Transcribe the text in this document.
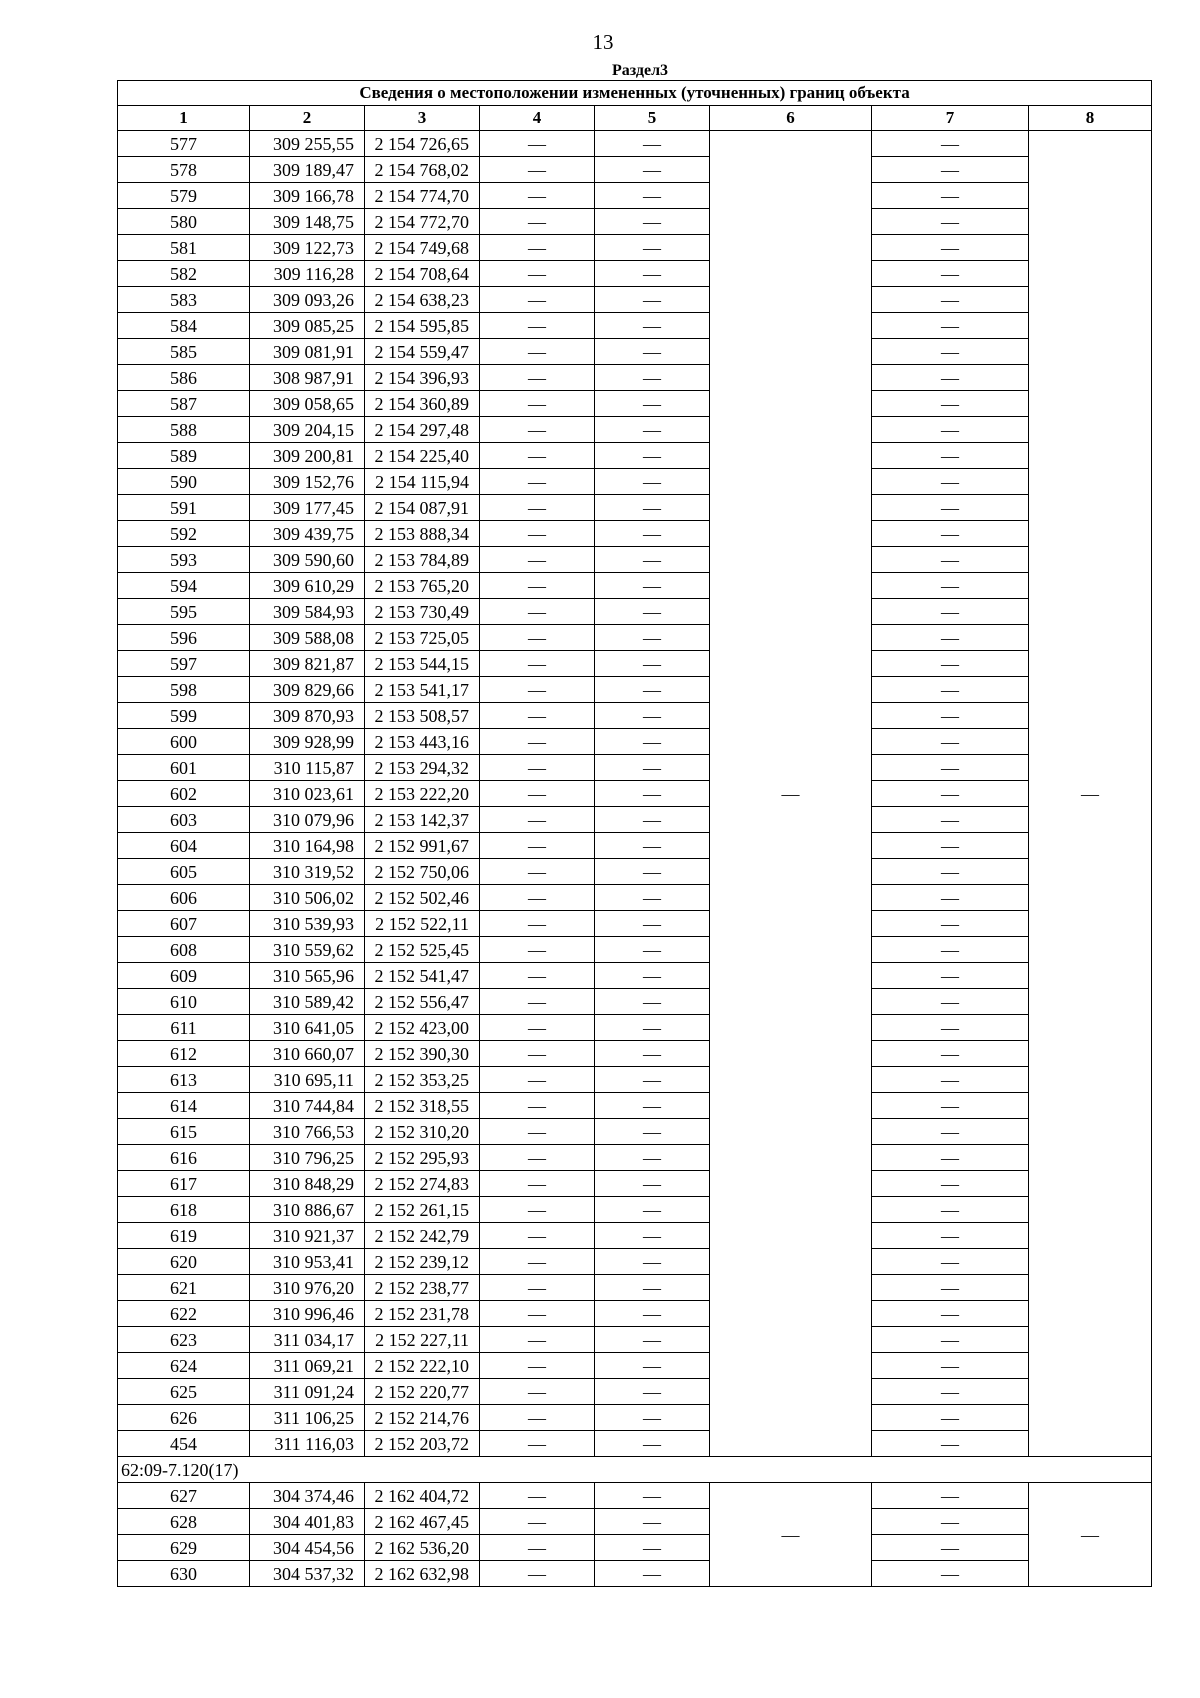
13
Раздел3
Сведения о местоположении измененных (уточненных) границ объекта							
1	2	3	4	5	6	7	8
577	309 255,55	2 154 726,65	—	—	—	—	—
578	309 189,47	2 154 768,02	—	—		—	
579	309 166,78	2 154 774,70	—	—		—	
580	309 148,75	2 154 772,70	—	—		—	
581	309 122,73	2 154 749,68	—	—		—	
582	309 116,28	2 154 708,64	—	—		—	
583	309 093,26	2 154 638,23	—	—		—	
584	309 085,25	2 154 595,85	—	—		—	
585	309 081,91	2 154 559,47	—	—		—	
586	308 987,91	2 154 396,93	—	—		—	
587	309 058,65	2 154 360,89	—	—		—	
588	309 204,15	2 154 297,48	—	—		—	
589	309 200,81	2 154 225,40	—	—		—	
590	309 152,76	2 154 115,94	—	—		—	
591	309 177,45	2 154 087,91	—	—		—	
592	309 439,75	2 153 888,34	—	—		—	
593	309 590,60	2 153 784,89	—	—		—	
594	309 610,29	2 153 765,20	—	—		—	
595	309 584,93	2 153 730,49	—	—		—	
596	309 588,08	2 153 725,05	—	—		—	
597	309 821,87	2 153 544,15	—	—		—	
598	309 829,66	2 153 541,17	—	—		—	
599	309 870,93	2 153 508,57	—	—		—	
600	309 928,99	2 153 443,16	—	—		—	
601	310 115,87	2 153 294,32	—	—		—	
602	310 023,61	2 153 222,20	—	—		—	
603	310 079,96	2 153 142,37	—	—		—	
604	310 164,98	2 152 991,67	—	—		—	
605	310 319,52	2 152 750,06	—	—		—	
606	310 506,02	2 152 502,46	—	—		—	
607	310 539,93	2 152 522,11	—	—		—	
608	310 559,62	2 152 525,45	—	—		—	
609	310 565,96	2 152 541,47	—	—		—	
610	310 589,42	2 152 556,47	—	—		—	
611	310 641,05	2 152 423,00	—	—		—	
612	310 660,07	2 152 390,30	—	—		—	
613	310 695,11	2 152 353,25	—	—		—	
614	310 744,84	2 152 318,55	—	—		—	
615	310 766,53	2 152 310,20	—	—		—	
616	310 796,25	2 152 295,93	—	—		—	
617	310 848,29	2 152 274,83	—	—		—	
618	310 886,67	2 152 261,15	—	—		—	
619	310 921,37	2 152 242,79	—	—		—	
620	310 953,41	2 152 239,12	—	—		—	
621	310 976,20	2 152 238,77	—	—		—	
622	310 996,46	2 152 231,78	—	—		—	
623	311 034,17	2 152 227,11	—	—		—	
624	311 069,21	2 152 222,10	—	—		—	
625	311 091,24	2 152 220,77	—	—		—	
626	311 106,25	2 152 214,76	—	—		—	
454	311 116,03	2 152 203,72	—	—		—	
62:09-7.120(17)							
627	304 374,46	2 162 404,72	—	—	—	—	—
628	304 401,83	2 162 467,45	—	—		—	
629	304 454,56	2 162 536,20	—	—		—	
630	304 537,32	2 162 632,98	—	—		—	
